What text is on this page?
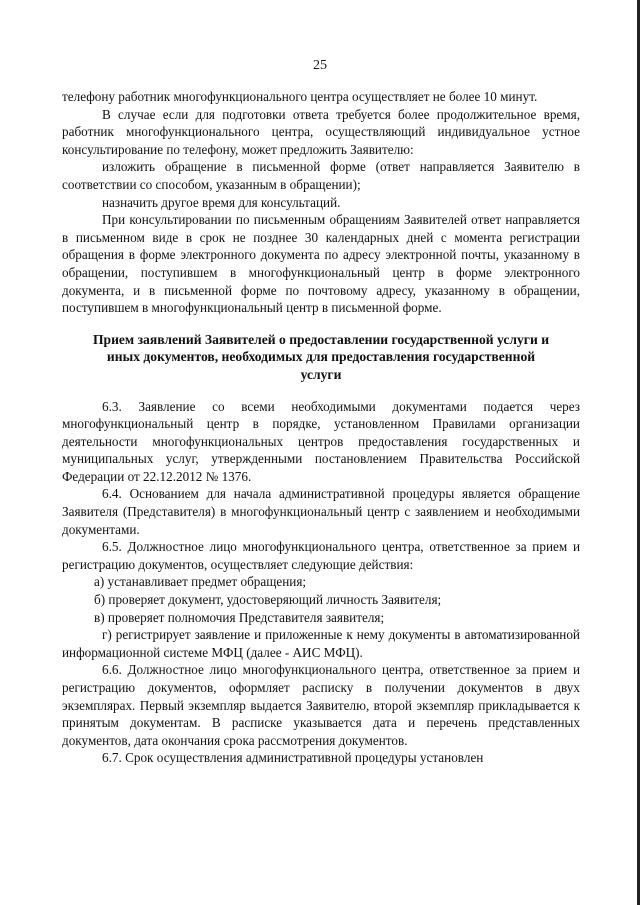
25

телефону работник многофункционального центра осуществляет не более 10 минут.

В случае если для подготовки ответа требуется более продолжительное время, работник многофункционального центра, осуществляющий индивидуальное устное консультирование по телефону, может предложить Заявителю:

изложить обращение в письменной форме (ответ направляется Заявителю в соответствии со способом, указанным в обращении);

назначить другое время для консультаций.

При консультировании по письменным обращениям Заявителей ответ направляется в письменном виде в срок не позднее 30 календарных дней с момента регистрации обращения в форме электронного документа по адресу электронной почты, указанному в обращении, поступившем в многофункциональный центр в форме электронного документа, и в письменной форме по почтовому адресу, указанному в обращении, поступившем в многофункциональный центр в письменной форме.

Прием заявлений Заявителей о предоставлении государственной услуги и иных документов, необходимых для предоставления государственной услуги

6.3. Заявление со всеми необходимыми документами подается через многофункциональный центр в порядке, установленном Правилами организации деятельности многофункциональных центров предоставления государственных и муниципальных услуг, утвержденными постановлением Правительства Российской Федерации от 22.12.2012 № 1376.

6.4. Основанием для начала административной процедуры является обращение Заявителя (Представителя) в многофункциональный центр с заявлением и необходимыми документами.

6.5. Должностное лицо многофункционального центра, ответственное за прием и регистрацию документов, осуществляет следующие действия:

а) устанавливает предмет обращения;

б) проверяет документ, удостоверяющий личность Заявителя;

в) проверяет полномочия Представителя заявителя;

г) регистрирует заявление и приложенные к нему документы в автоматизированной информационной системе МФЦ (далее - АИС МФЦ).

6.6. Должностное лицо многофункционального центра, ответственное за прием и регистрацию документов, оформляет расписку в получении документов в двух экземплярах. Первый экземпляр выдается Заявителю, второй экземпляр прикладывается к принятым документам. В расписке указывается дата и перечень представленных документов, дата окончания срока рассмотрения документов.

6.7. Срок осуществления административной процедуры установлен
